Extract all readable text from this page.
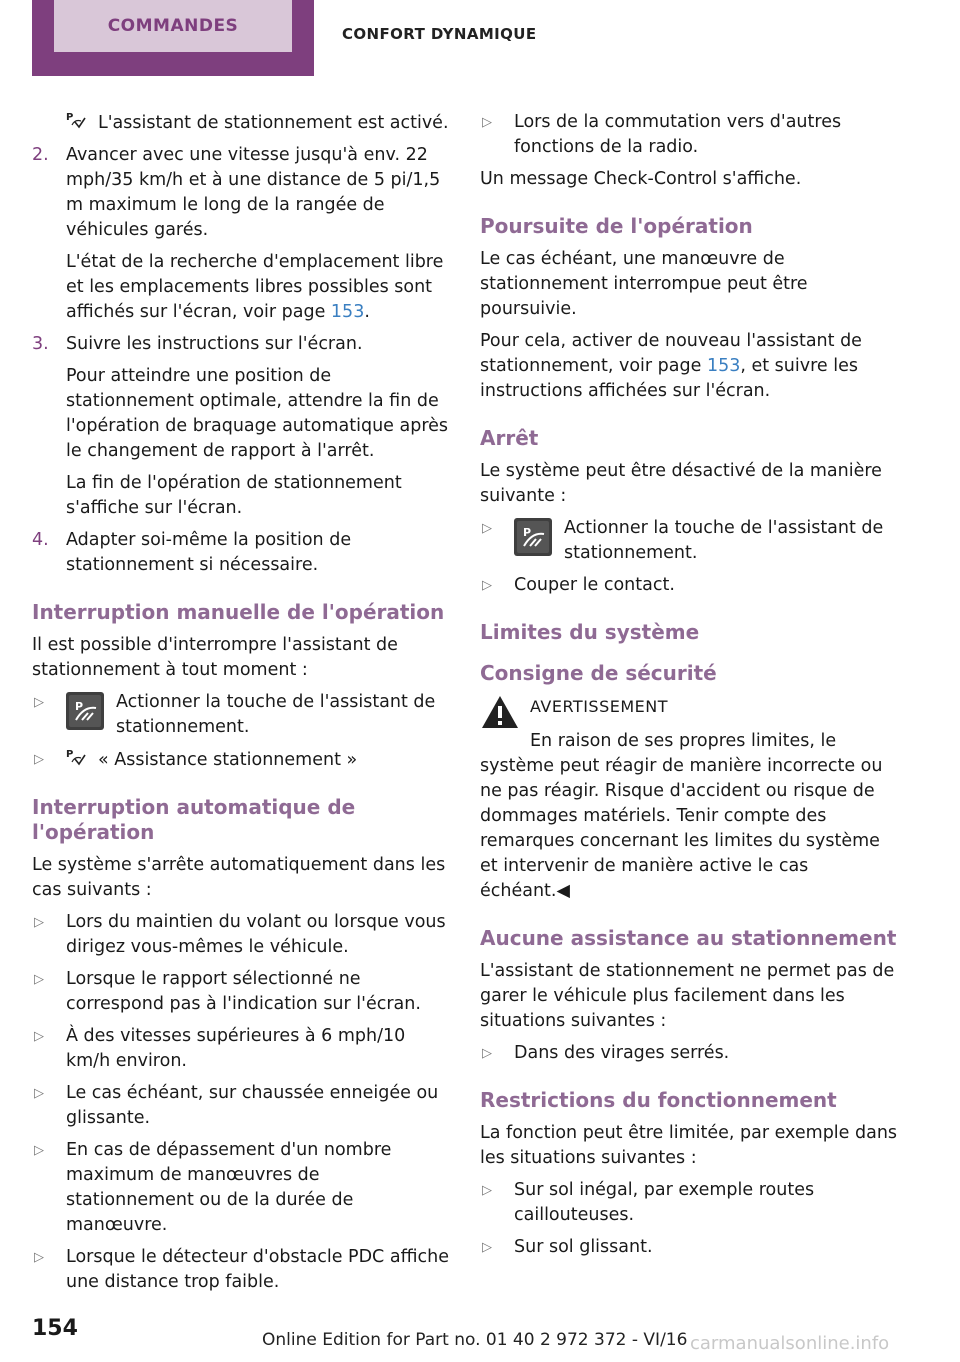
COMMANDES	CONFORT DYNAMIQUE
P L'assistant de stationnement est activé.
2. Avancer avec une vitesse jusqu'à env. 22 mph/35 km/h et à une distance de 5 pi/1,5 m maximum le long de la rangée de véhicules garés.
L'état de la recherche d'emplacement libre et les emplacements libres possibles sont affichés sur l'écran, voir page 153.
3. Suivre les instructions sur l'écran.
Pour atteindre une position de stationnement optimale, attendre la fin de l'opération de braquage automatique après le changement de rapport à l'arrêt.
La fin de l'opération de stationnement s'affiche sur l'écran.
4. Adapter soi-même la position de stationnement si nécessaire.
Interruption manuelle de l'opération

Il est possible d'interrompre l'assistant de stationnement à tout moment :

▷	P Actionner la touche de l'assistant de stationnement.
▷ P « Assistance stationnement »
Interruption automatique de l'opération

Le système s'arrête automatiquement dans les cas suivants :

▷ Lors du maintien du volant ou lorsque vous dirigez vous-mêmes le véhicule.
▷ Lorsque le rapport sélectionné ne correspond pas à l'indication sur l'écran.
▷ À des vitesses supérieures à 6 mph/10 km/h environ.
▷ Le cas échéant, sur chaussée enneigée ou glissante.
▷ En cas de dépassement d'un nombre maximum de manœuvres de stationnement ou de la durée de manœuvre.
▷ Lorsque le détecteur d'obstacle PDC affiche une distance trop faible.
▷ Lors de la commutation vers d'autres fonctions de la radio.

Un message Check-Control s'affiche.

Poursuite de l'opération

Le cas échéant, une manœuvre de stationnement interrompue peut être poursuivie.

Pour cela, activer de nouveau l'assistant de stationnement, voir page 153, et suivre les instructions affichées sur l'écran.

Arrêt

Le système peut être désactivé de la manière suivante :

▷	P Actionner la touche de l'assistant de stationnement.
▷ Couper le contact.
Limites du système
Consigne de sécurité
AVERTISSEMENT

En raison de ses propres limites, le système peut réagir de manière incorrecte ou ne pas réagir. Risque d'accident ou risque de dommages matériels. Tenir compte des remarques concernant les limites du système et intervenir de manière active le cas échéant.◀

Aucune assistance au stationnement

L'assistant de stationnement ne permet pas de garer le véhicule plus facilement dans les situations suivantes :

▷ Dans des virages serrés.
Restrictions du fonctionnement

La fonction peut être limitée, par exemple dans les situations suivantes :

▷ Sur sol inégal, par exemple routes caillouteuses.
▷ Sur sol glissant.
154	Online Edition for Part no. 01 40 2 972 372 - VI/16 carmanualsonline.info
